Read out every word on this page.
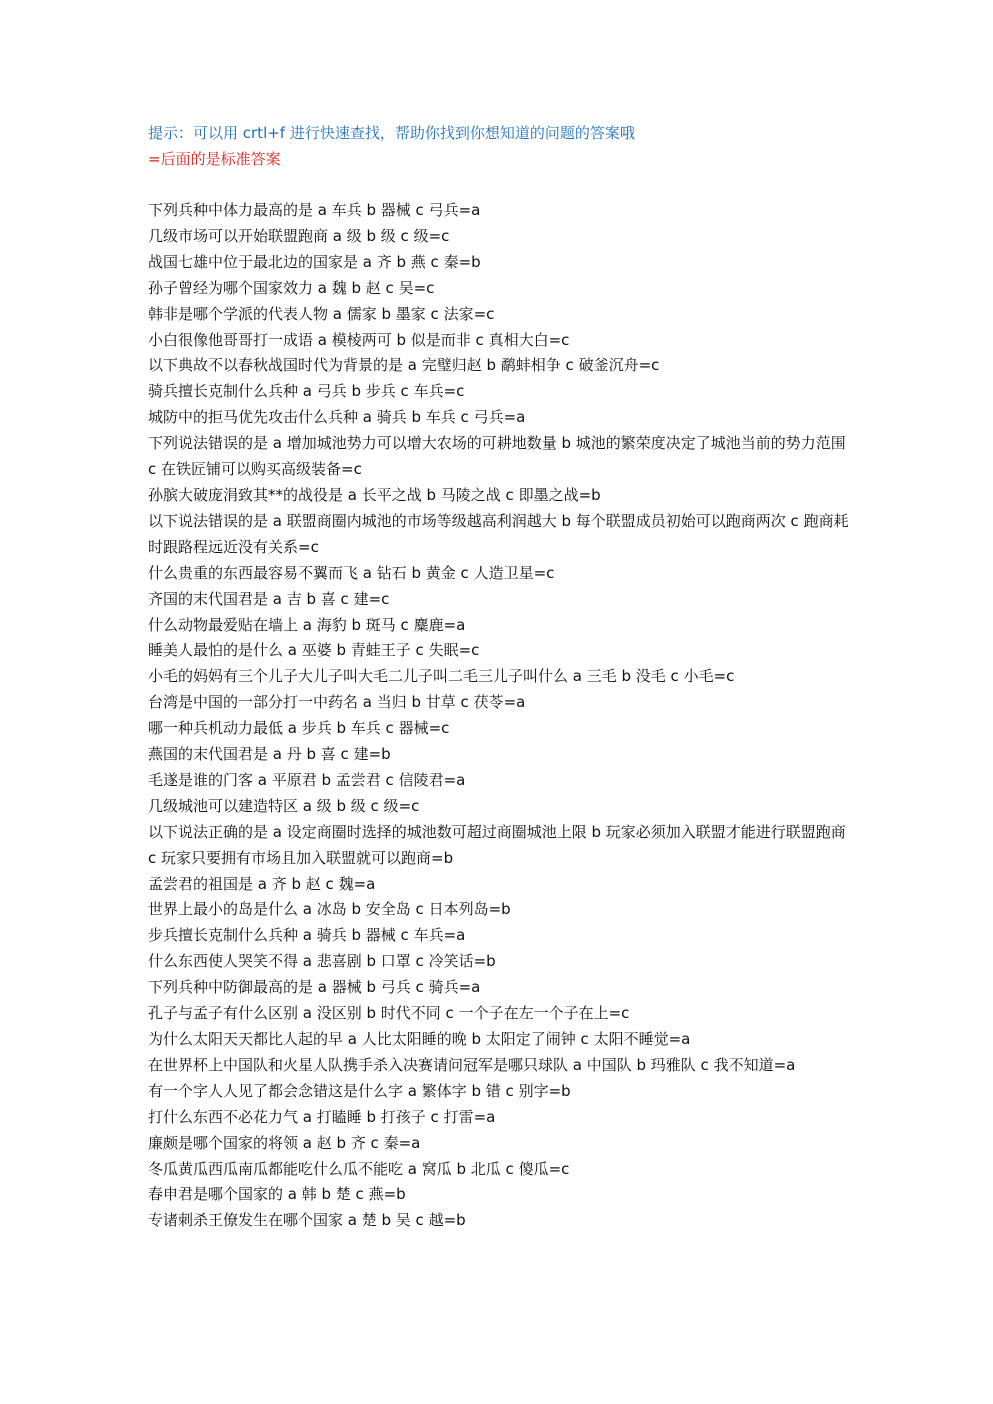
提示：可以用 crtl+f 进行快速查找，帮助你找到你想知道的问题的答案哦
=后面的是标准答案
下列兵种中体力最高的是 a 车兵 b 器械 c 弓兵=a
几级市场可以开始联盟跑商 a 级 b 级 c 级=c
战国七雄中位于最北边的国家是 a 齐 b 燕 c 秦=b
孙子曾经为哪个国家效力 a 魏 b 赵 c 吴=c
韩非是哪个学派的代表人物 a 儒家 b 墨家 c 法家=c
小白很像他哥哥打一成语 a 模棱两可 b 似是而非 c 真相大白=c
以下典故不以春秋战国时代为背景的是 a 完璧归赵 b 鹬蚌相争 c 破釜沉舟=c
骑兵擅长克制什么兵种 a 弓兵 b 步兵 c 车兵=c
城防中的拒马优先攻击什么兵种 a 骑兵 b 车兵 c 弓兵=a
下列说法错误的是 a 增加城池势力可以增大农场的可耕地数量 b 城池的繁荣度决定了城池当前的势力范围 c 在铁匠铺可以购买高级装备=c
孙膑大破庞涓致其**的战役是 a 长平之战 b 马陵之战 c 即墨之战=b
以下说法错误的是 a 联盟商圈内城池的市场等级越高利润越大 b 每个联盟成员初始可以跑商两次 c 跑商耗时跟路程远近没有关系=c
什么贵重的东西最容易不翼而飞 a 钻石 b 黄金 c 人造卫星=c
齐国的末代国君是 a 吉 b 喜 c 建=c
什么动物最爱贴在墙上 a 海豹 b 斑马 c 麋鹿=a
睡美人最怕的是什么 a 巫婆 b 青蛙王子 c 失眠=c
小毛的妈妈有三个儿子大儿子叫大毛二儿子叫二毛三儿子叫什么 a 三毛 b 没毛 c 小毛=c
台湾是中国的一部分打一中药名 a 当归 b 甘草 c 茯苓=a
哪一种兵机动力最低 a 步兵 b 车兵 c 器械=c
燕国的末代国君是 a 丹 b 喜 c 建=b
毛遂是谁的门客 a 平原君 b 孟尝君 c 信陵君=a
几级城池可以建造特区 a 级 b 级 c 级=c
以下说法正确的是 a 设定商圈时选择的城池数可超过商圈城池上限 b 玩家必须加入联盟才能进行联盟跑商 c 玩家只要拥有市场且加入联盟就可以跑商=b
孟尝君的祖国是 a 齐 b 赵 c 魏=a
世界上最小的岛是什么 a 冰岛 b 安全岛 c 日本列岛=b
步兵擅长克制什么兵种 a 骑兵 b 器械 c 车兵=a
什么东西使人哭笑不得 a 悲喜剧 b 口罩 c 冷笑话=b
下列兵种中防御最高的是 a 器械 b 弓兵 c 骑兵=a
孔子与孟子有什么区别 a 没区别 b 时代不同 c 一个子在左一个子在上=c
为什么太阳天天都比人起的早 a 人比太阳睡的晚 b 太阳定了闹钟 c 太阳不睡觉=a
在世界杯上中国队和火星人队携手杀入决赛请问冠军是哪只球队 a 中国队 b 玛雅队 c 我不知道=a
有一个字人人见了都会念错这是什么字 a 繁体字 b 错 c 别字=b
打什么东西不必花力气 a 打瞌睡 b 打孩子 c 打雷=a
廉颇是哪个国家的将领 a 赵 b 齐 c 秦=a
冬瓜黄瓜西瓜南瓜都能吃什么瓜不能吃 a 窝瓜 b 北瓜 c 傻瓜=c
春申君是哪个国家的 a 韩 b 楚 c 燕=b
专诸刺杀王僚发生在哪个国家 a 楚 b 吴 c 越=b
